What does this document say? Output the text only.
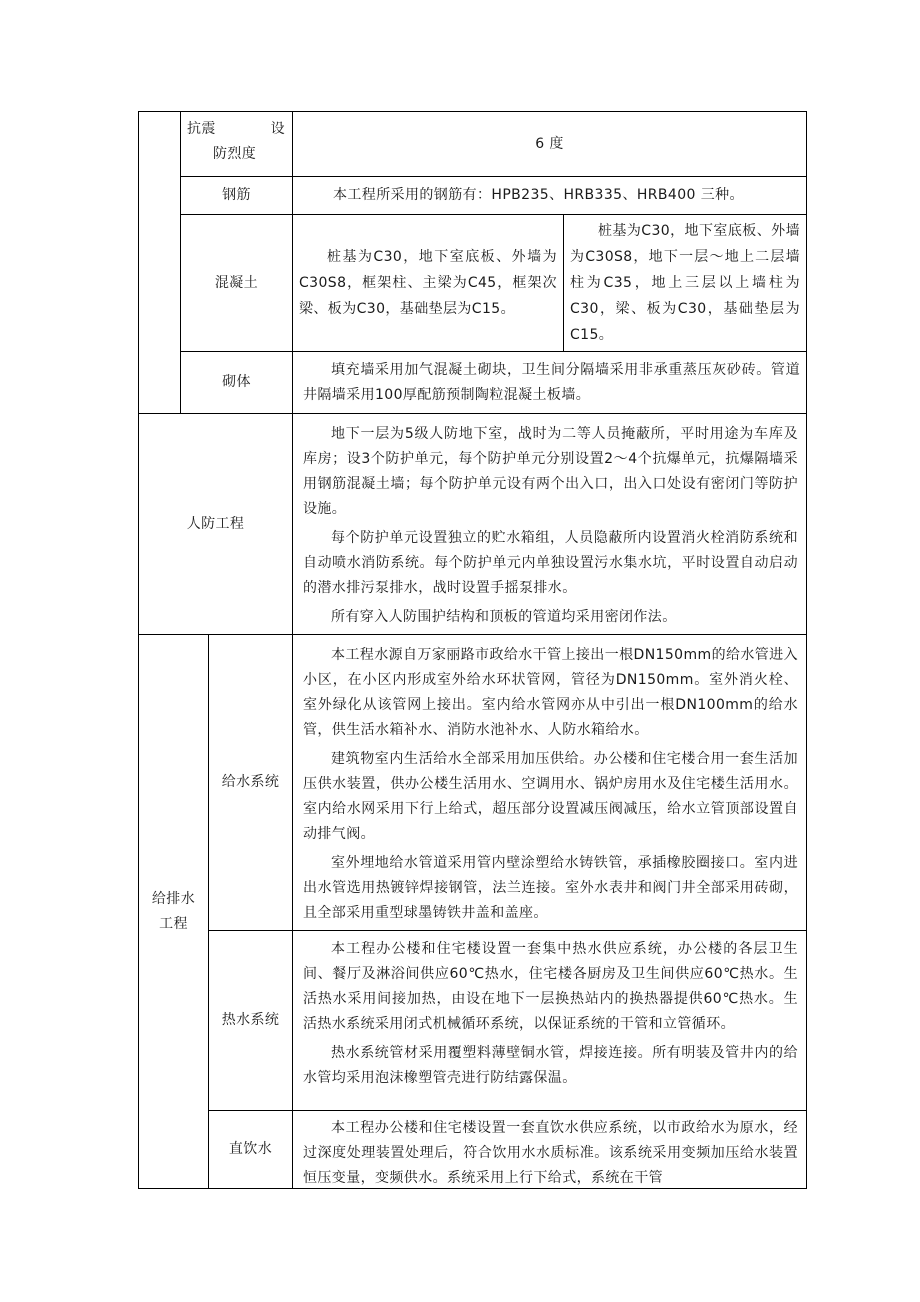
抗震	设
防烈度
6 度
钢筋	本工程所采用的钢筋有：HPB235、HRB335、HRB400 三种。

混凝土

桩基为C30，地下室底板、外墙为C30S8，框架柱、主梁为C45，框架次梁、板为C30，基础垫层为C15。

桩基为C30，地下室底板、外墙为C30S8，地下一层～地上二层墙柱为C35，地上三层以上墙柱为C30，梁、板为C30，基础垫层为C15。

砌体

填充墙采用加气混凝土砌块，卫生间分隔墙采用非承重蒸压灰砂砖。管道井隔墙采用100厚配筋预制陶粒混凝土板墙。

人防工程

地下一层为5级人防地下室，战时为二等人员掩蔽所，平时用途为车库及库房；设3个防护单元，每个防护单元分别设置2～4个抗爆单元，抗爆隔墙采用钢筋混凝土墙；每个防护单元设有两个出入口，出入口处设有密闭门等防护设施。

每个防护单元设置独立的贮水箱组，人员隐蔽所内设置消火栓消防系统和自动喷水消防系统。每个防护单元内单独设置污水集水坑，平时设置自动启动的潜水排污泵排水，战时设置手摇泵排水。

所有穿入人防围护结构和顶板的管道均采用密闭作法。

给排水
工程
给水系统

本工程水源自万家丽路市政给水干管上接出一根DN150mm的给水管进入小区，在小区内形成室外给水环状管网，管径为DN150mm。室外消火栓、室外绿化从该管网上接出。室内给水管网亦从中引出一根DN100mm的给水管，供生活水箱补水、消防水池补水、人防水箱给水。

建筑物室内生活给水全部采用加压供给。办公楼和住宅楼合用一套生活加压供水装置，供办公楼生活用水、空调用水、锅炉房用水及住宅楼生活用水。室内给水网采用下行上给式，超压部分设置减压阀减压，给水立管顶部设置自动排气阀。

室外埋地给水管道采用管内壁涂塑给水铸铁管，承插橡胶圈接口。室内进出水管选用热镀锌焊接钢管，法兰连接。室外水表井和阀门井全部采用砖砌，且全部采用重型球墨铸铁井盖和盖座。

热水系统

本工程办公楼和住宅楼设置一套集中热水供应系统，办公楼的各层卫生间、餐厅及淋浴间供应60℃热水，住宅楼各厨房及卫生间供应60℃热水。生活热水采用间接加热，由设在地下一层换热站内的换热器提供60℃热水。生活热水系统采用闭式机械循环系统，以保证系统的干管和立管循环。

热水系统管材采用覆塑料薄壁铜水管，焊接连接。所有明装及管井内的给水管均采用泡沫橡塑管壳进行防结露保温。

直饮水

本工程办公楼和住宅楼设置一套直饮水供应系统，以市政给水为原水，经过深度处理装置处理后，符合饮用水水质标准。该系统采用变频加压给水装置恒压变量，变频供水。系统采用上行下给式，系统在干管
